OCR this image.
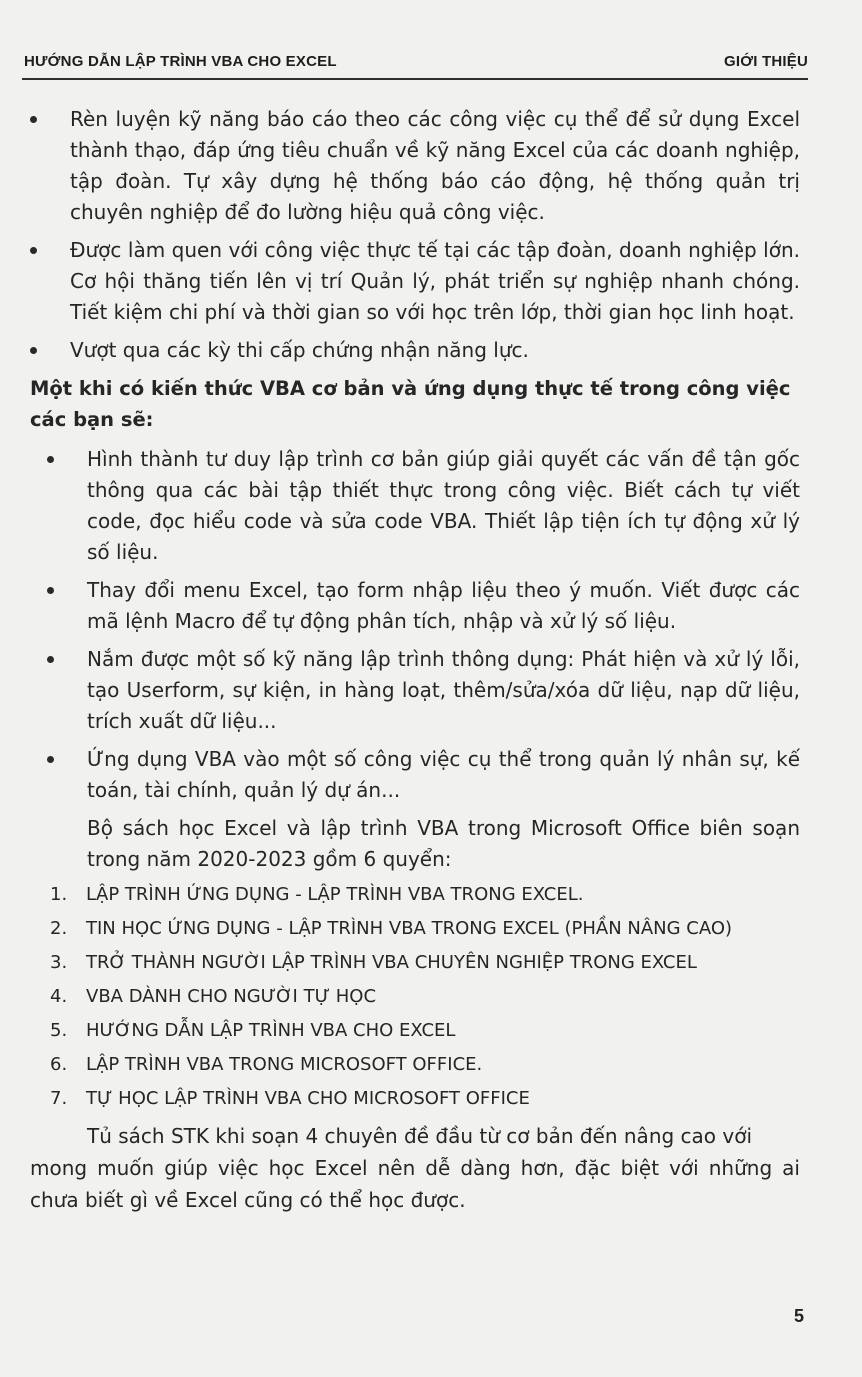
HƯỚNG DẪN LẬP TRÌNH VBA CHO EXCEL	GIỚI THIỆU
Rèn luyện kỹ năng báo cáo theo các công việc cụ thể để sử dụng Excel thành thạo, đáp ứng tiêu chuẩn về kỹ năng Excel của các doanh nghiệp, tập đoàn. Tự xây dựng hệ thống báo cáo động, hệ thống quản trị chuyên nghiệp để đo lường hiệu quả công việc.
Được làm quen với công việc thực tế tại các tập đoàn, doanh nghiệp lớn. Cơ hội thăng tiến lên vị trí Quản lý, phát triển sự nghiệp nhanh chóng. Tiết kiệm chi phí và thời gian so với học trên lớp, thời gian học linh hoạt.
Vượt qua các kỳ thi cấp chứng nhận năng lực.
Một khi có kiến thức VBA cơ bản và ứng dụng thực tế trong công việc các bạn sẽ:
Hình thành tư duy lập trình cơ bản giúp giải quyết các vấn đề tận gốc thông qua các bài tập thiết thực trong công việc. Biết cách tự viết code, đọc hiểu code và sửa code VBA. Thiết lập tiện ích tự động xử lý số liệu.
Thay đổi menu Excel, tạo form nhập liệu theo ý muốn. Viết được các mã lệnh Macro để tự động phân tích, nhập và xử lý số liệu.
Nắm được một số kỹ năng lập trình thông dụng: Phát hiện và xử lý lỗi, tạo Userform, sự kiện, in hàng loạt, thêm/sửa/xóa dữ liệu, nạp dữ liệu, trích xuất dữ liệu...
Ứng dụng VBA vào một số công việc cụ thể trong quản lý nhân sự, kế toán, tài chính, quản lý dự án...
Bộ sách học Excel và lập trình VBA trong Microsoft Office biên soạn trong năm 2020-2023 gồm 6 quyển:
1. LẬP TRÌNH ỨNG DỤNG - LẬP TRÌNH VBA TRONG EXCEL.
2. TIN HỌC ỨNG DỤNG - LẬP TRÌNH VBA TRONG EXCEL (PHẦN NÂNG CAO)
3. TRỞ THÀNH NGƯỜI LẬP TRÌNH VBA CHUYÊN NGHIỆP TRONG EXCEL
4. VBA DÀNH CHO NGƯỜI TỰ HỌC
5. HƯỚNG DẪN LẬP TRÌNH VBA CHO EXCEL
6. LẬP TRÌNH VBA TRONG MICROSOFT OFFICE.
7. TỰ HỌC LẬP TRÌNH VBA CHO MICROSOFT OFFICE
Tủ sách STK khi soạn 4 chuyên đề đầu từ cơ bản đến nâng cao với
mong muốn giúp việc học Excel nên dễ dàng hơn, đặc biệt với những ai chưa biết gì về Excel cũng có thể học được.
5
